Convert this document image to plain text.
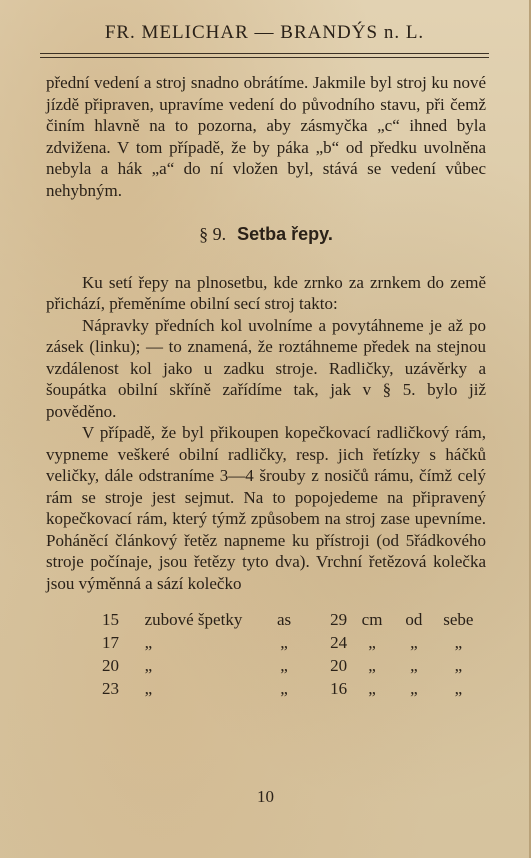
FR. MELICHAR — BRANDÝS n. L.

přední vedení a stroj snadno obrátíme. Jakmile byl stroj ku nové jízdě připraven, upravíme vedení do původního stavu, při čemž činím hlavně na to pozorna, aby zásmyčka „c“ ihned byla zdvižena. V tom případě, že by páka „b“ od předku uvolněna nebyla a hák „a“ do ní vložen byl, stává se vedení vůbec nehybným.

§ 9. Setba řepy.

Ku setí řepy na plnosetbu, kde zrnko za zrnkem do země přichází, přeměníme obilní secí stroj takto:

Nápravky předních kol uvolníme a povytáhneme je až po zásek (linku); — to znamená, že roztáhneme předek na stejnou vzdálenost kol jako u zadku stroje. Radličky, uzávěrky a šoupátka obilní skříně zařídíme tak, jak v § 5. bylo již pověděno.

V případě, že byl přikoupen kopečkovací radličkový rám, vypneme veškeré obilní radličky, resp. jich řetízky s háčků veličky, dále odstraníme 3—4 šrouby z nosičů rámu, čímž celý rám se stroje jest sejmut. Na to popojedeme na připravený kopečkovací rám, který týmž způsobem na stroj zase upevníme. Poháněcí článkový řetěz napneme ku přístroji (od 5řádkového stroje počínaje, jsou řetězy tyto dva). Vrchní řetězová kolečka jsou výměnná a sází kolečko

15	zubové špetky	as	29	cm	od	sebe
17	„	„	24	„	„	„
20	„	„	20	„	„	„
23	„	„	16	„	„	„
10
